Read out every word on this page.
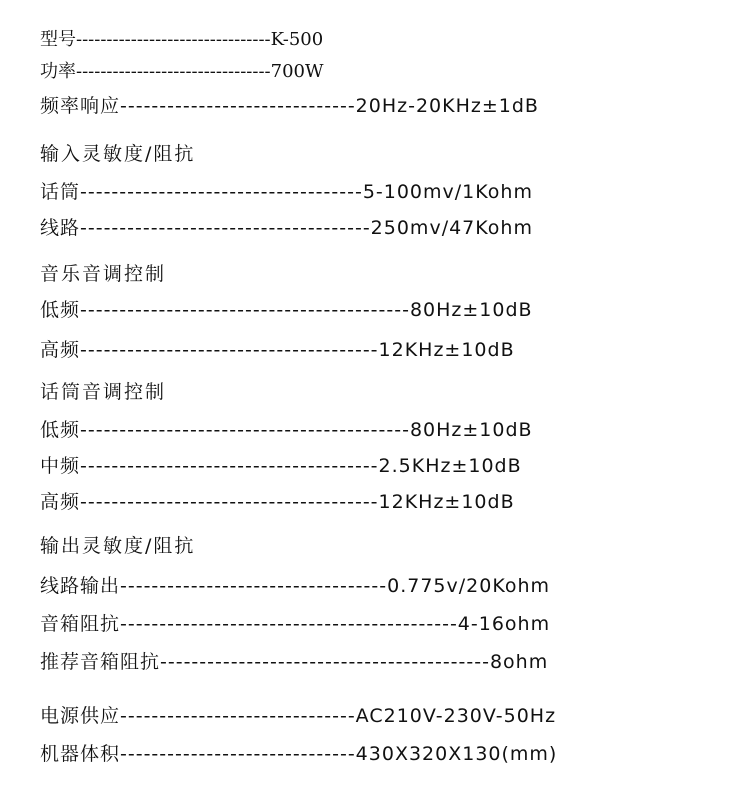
型号--------------------------------K-500
功率--------------------------------700W
频率响应------------------------------20Hz-20KHz±1dB
输入灵敏度/阻抗
话筒------------------------------------5-100mv/1Kohm
线路-------------------------------------250mv/47Kohm
音乐音调控制
低频------------------------------------------80Hz±10dB
高频--------------------------------------12KHz±10dB
话筒音调控制
低频------------------------------------------80Hz±10dB
中频--------------------------------------2.5KHz±10dB
高频--------------------------------------12KHz±10dB
输出灵敏度/阻抗
线路输出----------------------------------0.775v/20Kohm
音箱阻抗-------------------------------------------4-16ohm
推荐音箱阻抗------------------------------------------8ohm
电源供应------------------------------AC210V-230V-50Hz
机器体积------------------------------430X320X130(mm)
